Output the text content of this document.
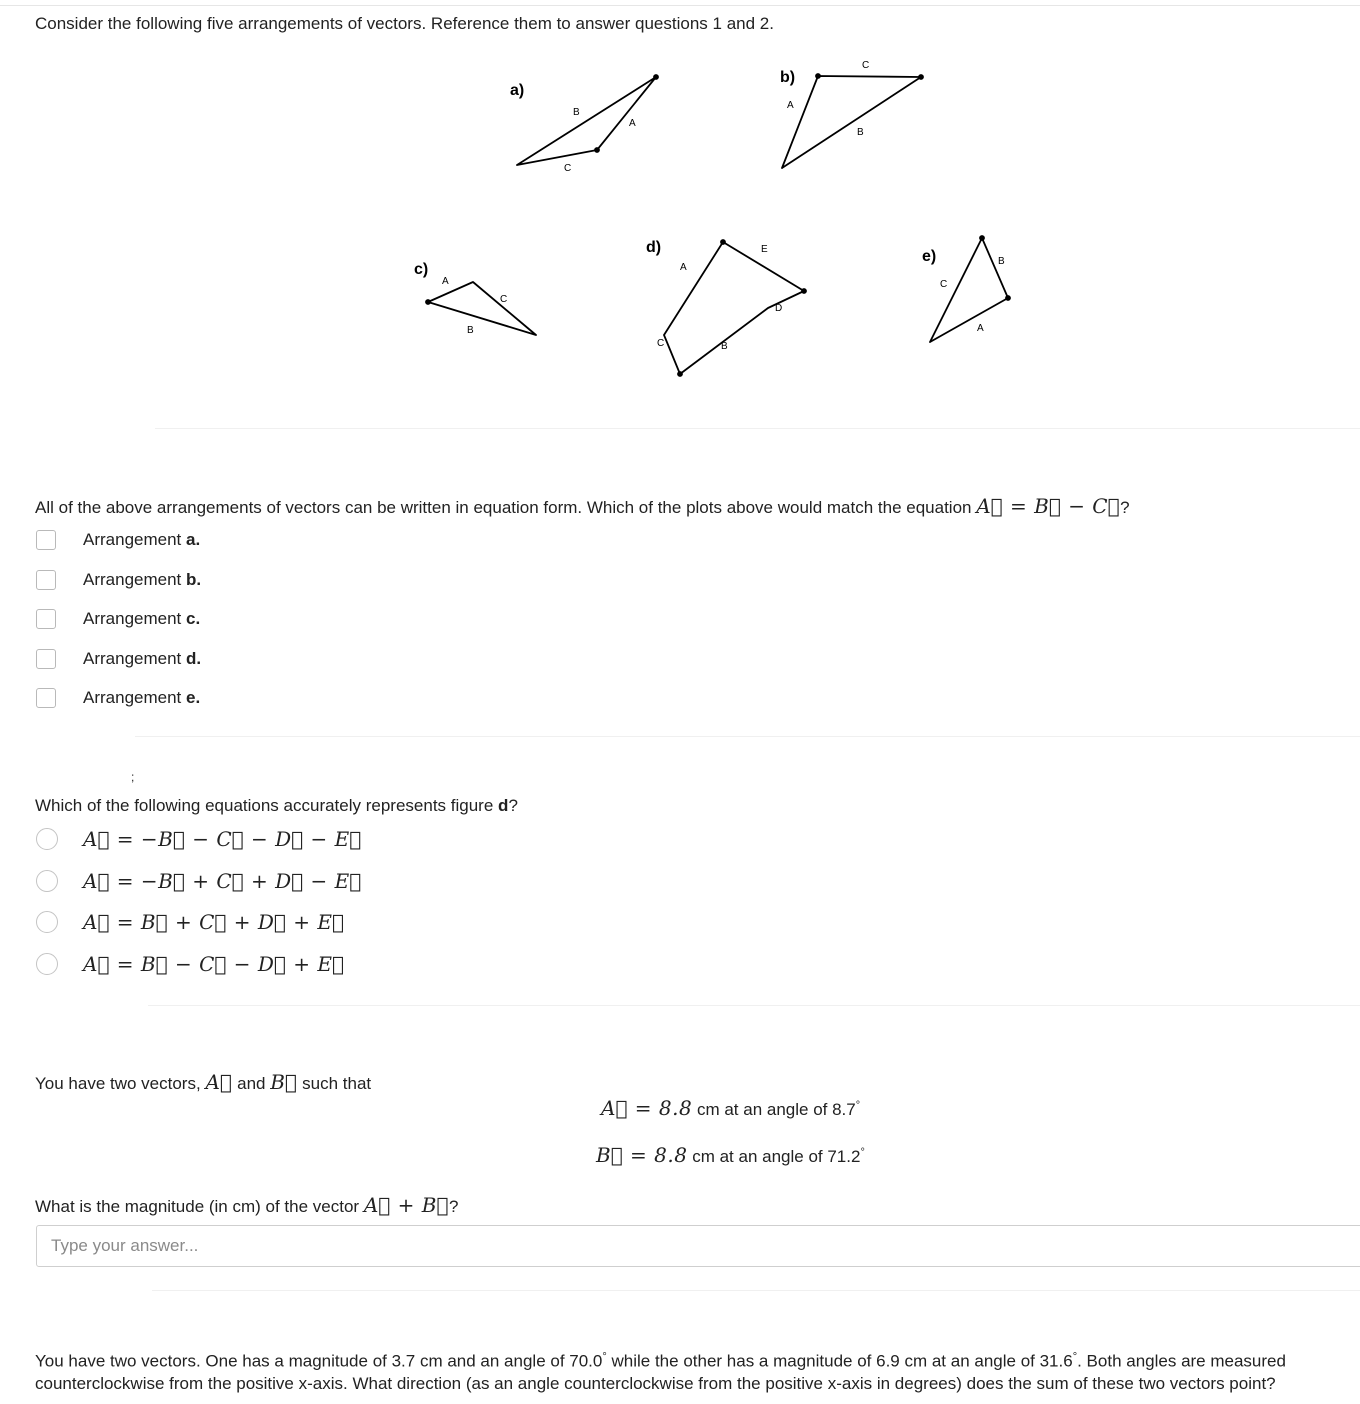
Consider the following five arrangements of vectors. Reference them to answer questions 1 and 2.
a)
B
A
C
b)
A
C
B
c)
A
C
B
d)
A
E
D
B
C
e)
C
B
A
All of the above arrangements of vectors can be written in equation form. Which of the plots above would match the equation A⃗ = B⃗ − C⃗?
Arrangement a.
Arrangement b.
Arrangement c.
Arrangement d.
Arrangement e.
;
Which of the following equations accurately represents figure d?
A⃗ = −B⃗ − C⃗ − D⃗ − E⃗
A⃗ = −B⃗ + C⃗ + D⃗ − E⃗
A⃗ = B⃗ + C⃗ + D⃗ + E⃗
A⃗ = B⃗ − C⃗ − D⃗ + E⃗
You have two vectors, A⃗ and B⃗ such that
A⃗ = 8.8 cm at an angle of 8.7°
B⃗ = 8.8 cm at an angle of 71.2°
What is the magnitude (in cm) of the vector A⃗ + B⃗?
Type your answer...
You have two vectors. One has a magnitude of 3.7 cm and an angle of 70.0° while the other has a magnitude of 6.9 cm at an angle of 31.6°. Both angles are measured
counterclockwise from the positive x-axis. What direction (as an angle counterclockwise from the positive x-axis in degrees) does the sum of these two vectors point?
